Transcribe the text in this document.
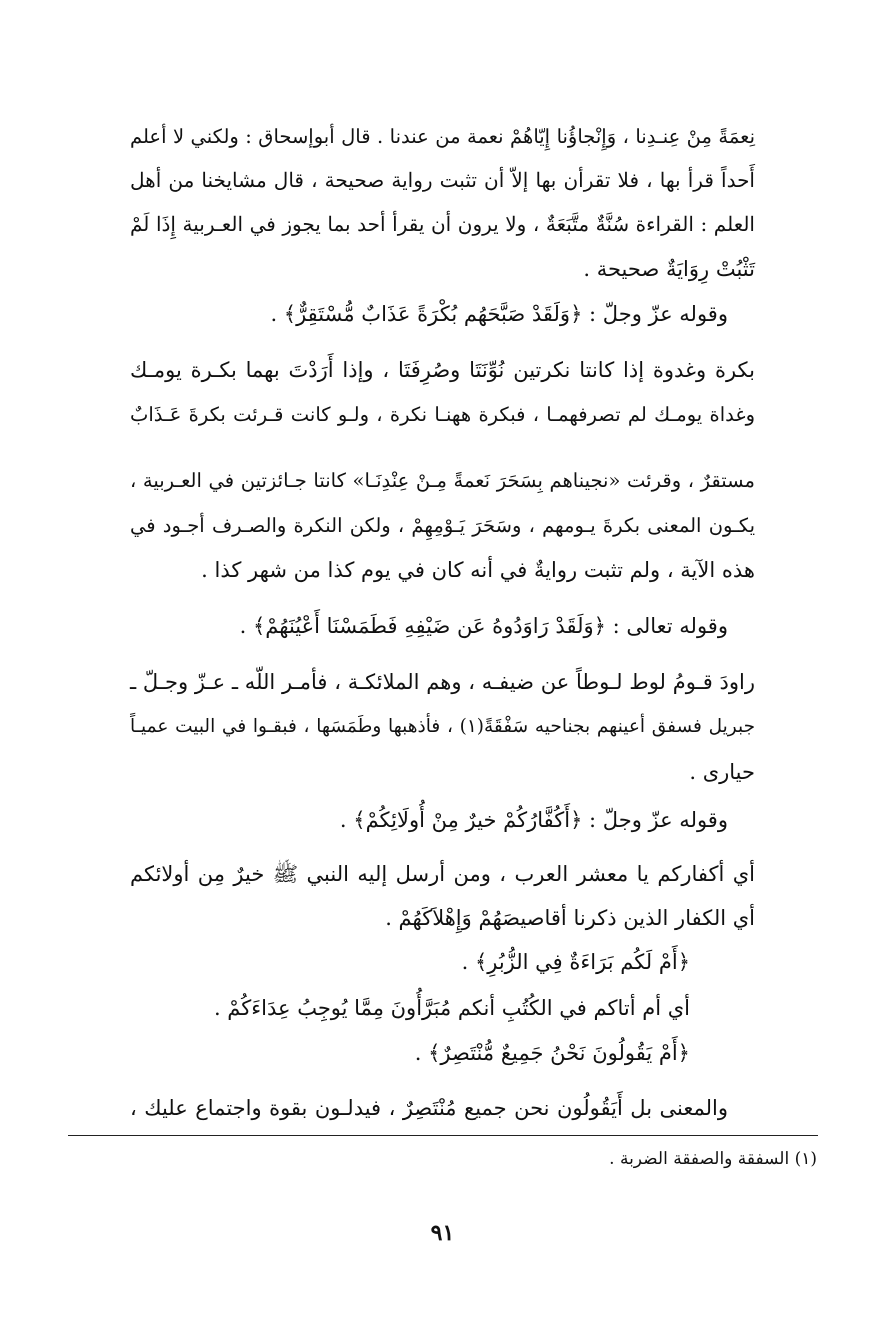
نِعمَةً مِنْ عِنـدِنا ، وَإِنْجاؤُنا إِيّاهُمْ نعمة من عندنا . قال أبوإسحاق : ولكني لا أعلم
أَحداً قرأ بها ، فلا تقرأن بها إلاّ أن تثبت رواية صحيحة ، قال مشايخنا من أهل
العلم : القراءة سُنَّةٌ متَّبَعَةٌ ، ولا يرون أن يقرأ أحد بما يجوز في العـربية إِذَا لَمْ
تَثْبُتْ رِوَايَةٌ صحيحة .
وقوله عزّ وجلّ : ﴿وَلَقَدْ صَبَّحَهُم بُكْرَةً عَذَابٌ مُّسْتَقِرٌّ﴾ .
بكرة وغدوة إذا كانتا نكرتين نُوِّنَتَا وصُرِفَتَا ، وإذا أَرَدْتَ بهما بكـرة يومـك
وغداة يومـك لم تصرفهمـا ، فبكرة ههنـا نكرة ، ولـو كانت قـرئت بكرةَ عَـذَابٌ
مستقرٌ ، وقرئت «نجيناهم بِسَحَرَ نَعمةً مِـنْ عِنْدِنَـا» كانتا جـائزتين في العـربية ،
يكـون المعنى بكرةَ يـومهم ، وسَحَرَ يَـوْمِهِمْ ، ولكن النكرة والصـرف أجـود في
هذه الآية ، ولم تثبت روايةٌ في أنه كان في يوم كذا من شهر كذا .
وقوله تعالى : ﴿وَلَقَدْ رَاوَدُوهُ عَن ضَيْفِهِ فَطَمَسْنَا أَعْيُنَهُمْ﴾ .
راودَ قـومُ لوط لـوطاً عن ضيفـه ، وهم الملائكـة ، فأمـر اللّه ـ عـزّ وجـلّ ـ
جبريل فسفق أعينهم بجناحيه سَفْقَةً(١) ، فأذهبها وطَمَسَها ، فبقـوا في البيت عميـاً
حيارى .
وقوله عزّ وجلّ : ﴿أَكُفَّارُكُمْ خيرٌ مِنْ أُولَائِكُمْ﴾ .
أي أكفاركم يا معشر العرب ، ومن أرسل إليه النبي ﷺ خيرٌ مِن أولائكم
أي الكفار الذين ذكرنا أقاصيصَهُمْ وَإِهْلاَكَهُمْ .
﴿أَمْ لَكُم بَرَاءَةٌ فِي الزُّبُرِ﴾ .
أي أم أتاكم في الكُتُبِ أنكم مُبَرَّأُونَ مِمَّا يُوجِبُ عِدَاءَكُمْ .
﴿أَمْ يَقُولُونَ نَحْنُ جَمِيعٌ مُّنْتَصِرٌ﴾ .
والمعنى بل أَيَقُولُون نحن جميع مُنْتَصِرٌ ، فيدلـون بقوة واجتماع عليك ،
(١) السفقة والصفقة الضربة .
٩١
